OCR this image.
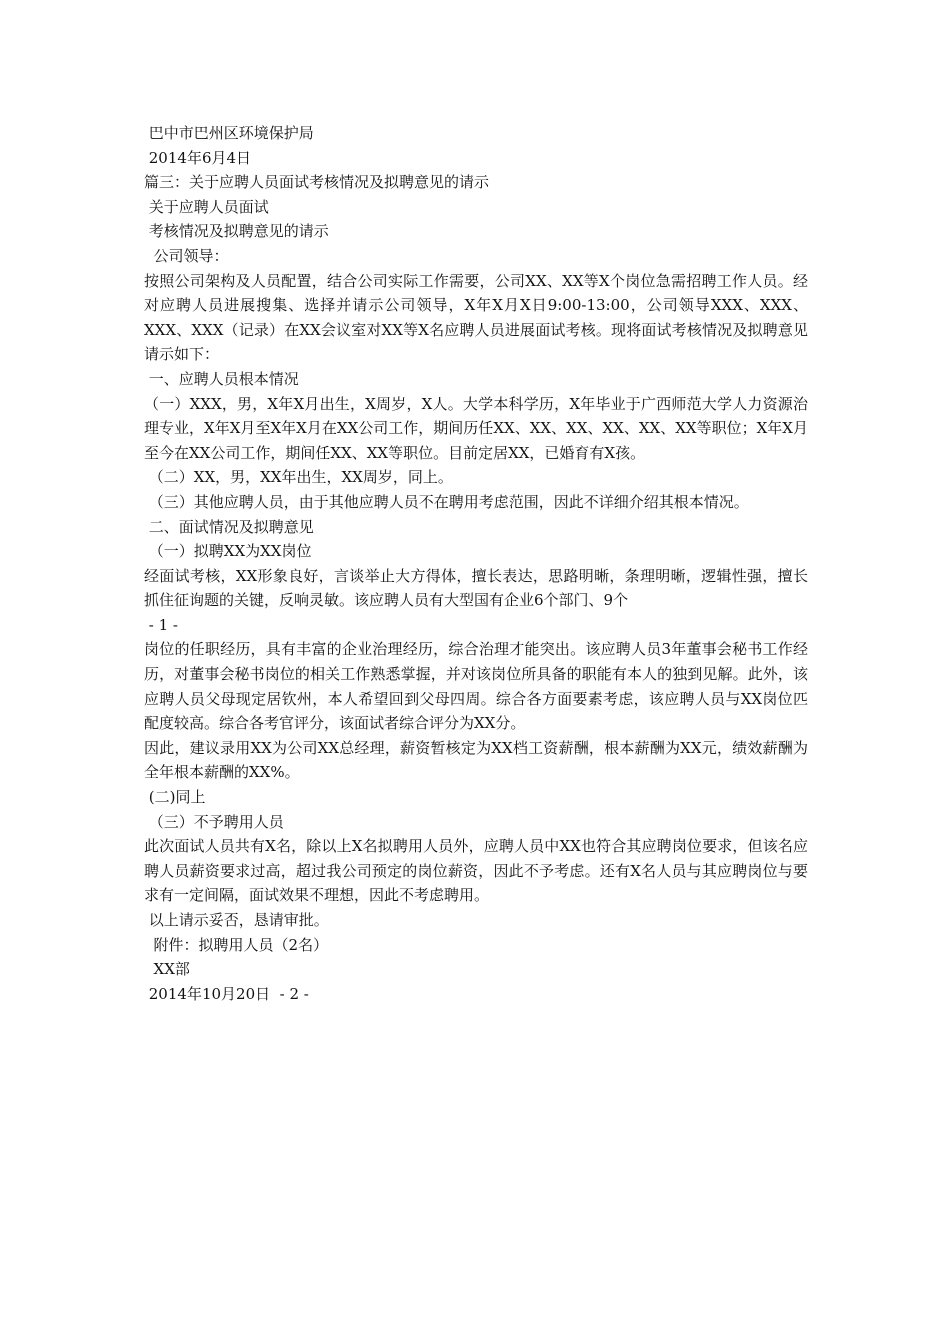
巴中市巴州区环境保护局
2014年6月4日
篇三：关于应聘人员面试考核情况及拟聘意见的请示
关于应聘人员面试
考核情况及拟聘意见的请示
公司领导：
按照公司架构及人员配置，结合公司实际工作需要，公司XX、XX等X个岗位急需招聘工作人员。经对应聘人员进展搜集、选择并请示公司领导，X年X月X日9:00-13:00，公司领导XXX、XXX、XXX、XXX（记录）在XX会议室对XX等X名应聘人员进展面试考核。现将面试考核情况及拟聘意见请示如下：
一、应聘人员根本情况
（一）XXX，男，X年X月出生，X周岁，X人。大学本科学历，X年毕业于广西师范大学人力资源治理专业，X年X月至X年X月在XX公司工作，期间历任XX、XX、XX、XX、XX、XX等职位；X年X月至今在XX公司工作，期间任XX、XX等职位。目前定居XX，已婚育有X孩。
（二）XX，男，XX年出生，XX周岁，同上。
（三）其他应聘人员，由于其他应聘人员不在聘用考虑范围，因此不详细介绍其根本情况。
二、面试情况及拟聘意见
（一）拟聘XX为XX岗位
经面试考核，XX形象良好，言谈举止大方得体，擅长表达，思路明晰，条理明晰，逻辑性强，擅长抓住征询题的关键，反响灵敏。该应聘人员有大型国有企业6个部门、9个
- 1 -
岗位的任职经历，具有丰富的企业治理经历，综合治理才能突出。该应聘人员3年董事会秘书工作经历，对董事会秘书岗位的相关工作熟悉掌握，并对该岗位所具备的职能有本人的独到见解。此外，该应聘人员父母现定居钦州，本人希望回到父母四周。综合各方面要素考虑，该应聘人员与XX岗位匹配度较高。综合各考官评分，该面试者综合评分为XX分。
因此，建议录用XX为公司XX总经理，薪资暂核定为XX档工资薪酬，根本薪酬为XX元，绩效薪酬为全年根本薪酬的XX%。
(二)同上
（三）不予聘用人员
此次面试人员共有X名，除以上X名拟聘用人员外，应聘人员中XX也符合其应聘岗位要求，但该名应聘人员薪资要求过高，超过我公司预定的岗位薪资，因此不予考虑。还有X名人员与其应聘岗位与要求有一定间隔，面试效果不理想，因此不考虑聘用。
以上请示妥否，恳请审批。
附件：拟聘用人员（2名）
XX部
2014年10月20日  - 2 -
